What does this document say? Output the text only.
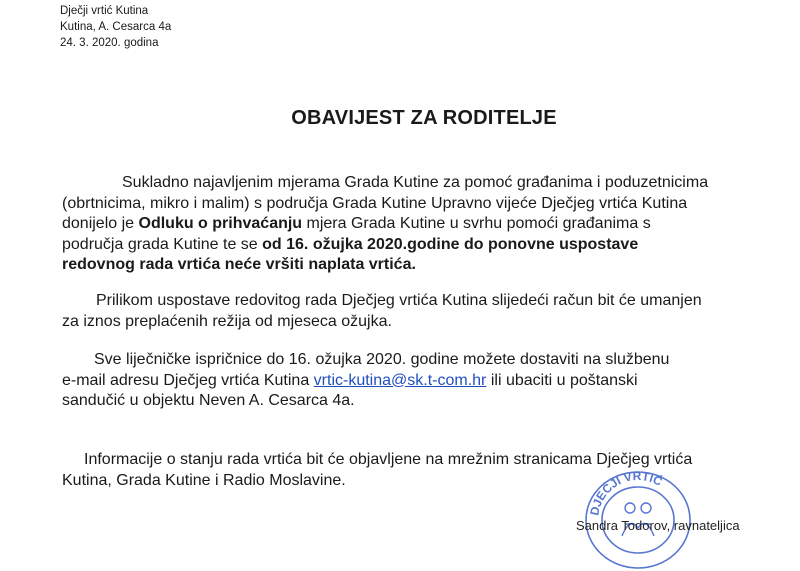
Dječji vrtić Kutina
Kutina, A. Cesarca 4a
24. 3. 2020. godina
OBAVIJEST ZA RODITELJE
Sukladno najavljenim mjerama Grada Kutine za pomoć građanima i poduzetnicima
(obrtnicima, mikro i malim) s područja Grada Kutine Upravno vijeće Dječjeg vrtića Kutina
donijelo je Odluku o prihvaćanju mjera Grada Kutine u svrhu pomoći građanima s
područja grada Kutine te se od 16. ožujka 2020.godine do ponovne uspostave
redovnog rada vrtića neće vršiti naplata vrtića.
Prilikom uspostave redovitog rada Dječjeg vrtića Kutina slijedeći račun bit će umanjen
za iznos preplaćenih režija od mjeseca ožujka.
Sve liječničke ispričnice do 16. ožujka 2020. godine možete dostaviti na službenu
e-mail adresu Dječjeg vrtića Kutina vrtic-kutina@sk.t-com.hr ili ubaciti u poštanski
sandučić u objektu Neven A. Cesarca 4a.
Informacije o stanju rada vrtića bit će objavljene na mrežnim stranicama Dječjeg vrtića
Kutina, Grada Kutine i Radio Moslavine.
DJEČJI VRTIĆ
Sandra Todorov, ravnateljica
